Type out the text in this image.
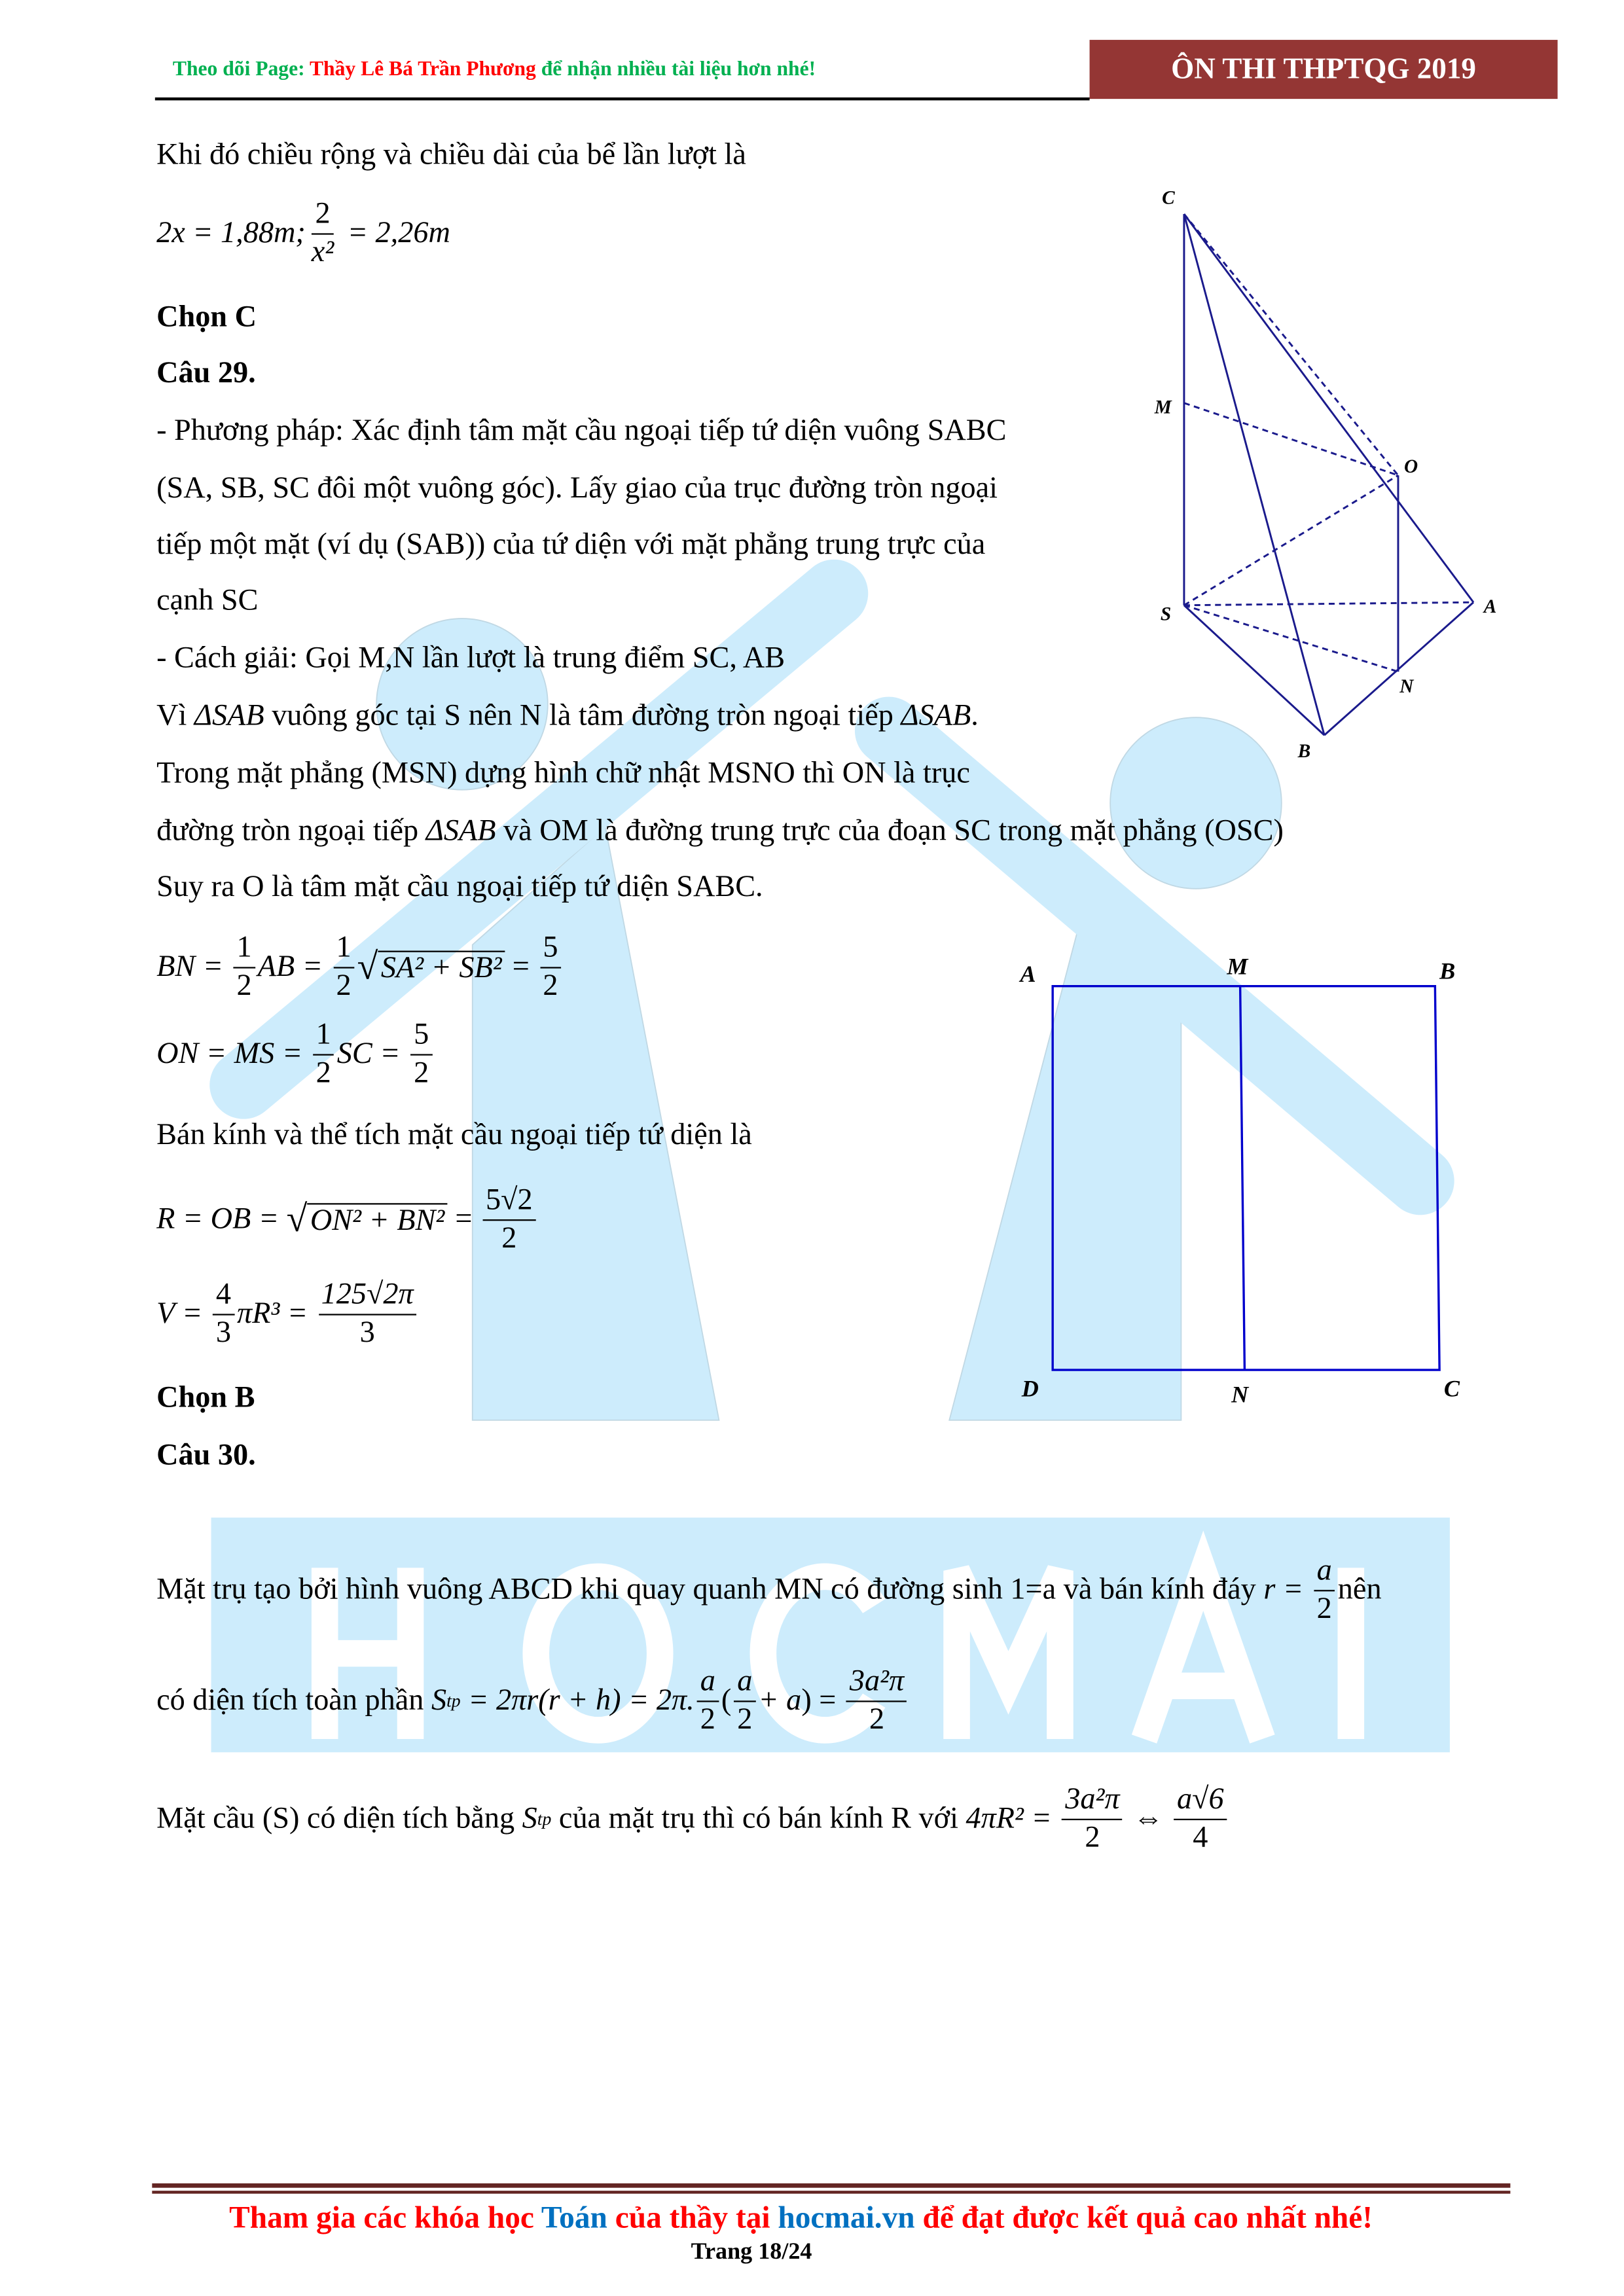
Theo dõi Page: Thầy Lê Bá Trần Phương để nhận nhiều tài liệu hơn nhé!	ÔN THI THPTQG 2019
Khi đó chiều rộng và chiều dài của bể lần lượt là
2x = 1,88m; $\frac{2}{\text{x²}} = 2,26m$
Chọn C
Câu 29.
- Phương pháp: Xác định tâm mặt cầu ngoại tiếp tứ diện vuông SABC
(SA, SB, SC đôi một vuông góc). Lấy giao của trục đường tròn ngoại
tiếp một mặt (ví dụ (SAB)) của tứ diện với mặt phẳng trung trực của
cạnh SC
- Cách giải: Gọi M,N lần lượt là trung điểm SC, AB
Vì ΔSAB vuông góc tại S nên N là tâm đường tròn ngoại tiếp ΔSAB .
Trong mặt phẳng (MSN) dựng hình chữ nhật MSNO thì ON là trục
đường tròn ngoại tiếp ΔSAB và OM là đường trung trực của đoạn SC trong mặt phẳng (OSC)
Suy ra O là tâm mặt cầu ngoại tiếp tứ diện SABC.
BN = $\frac{1}{2}$ AB = $\frac{1}{2}$ √ $SA^2 + SB^2 = \frac{5}{2}$
ON = MS = $\frac{1}{2}$ SC = $\frac{5}{2}$
Bán kính và thể tích mặt cầu ngoại tiếp tứ diện là
R = OB = √ $ON^2 + BN^2 = \frac{5√2}{2}$
$V = \frac{4}{3} \pi R^3 = \frac{125√2\pi}{3}$
Chọn B
Câu 30.
Mặt trụ tạo bởi hình vuông ABCD khi quay quanh MN có đường sinh 1=a và bán kính đáy $r = \frac{a}{2}$ nên
có diện tích toàn phần S tp = 2πr(r + h) = 2π. $\frac{a}{2}$ ( $\frac{a}{2} + a$ ) = $\frac{\text{3a²π}}{2}$
Mặt cầu (S) có diện tích bằng S tp của mặt trụ thì có bán kính R với $4\pi R^2 = \frac{\text{3a²π}}{2}$ ⇔ $\frac{a√6}{4}$
C
M
O
S	A
N
B
A	M	B
D	N	C
Tham gia các khóa học Toán của thầy tại hocmai.vn để đạt được kết quả cao nhất nhé!
Trang 18/24
